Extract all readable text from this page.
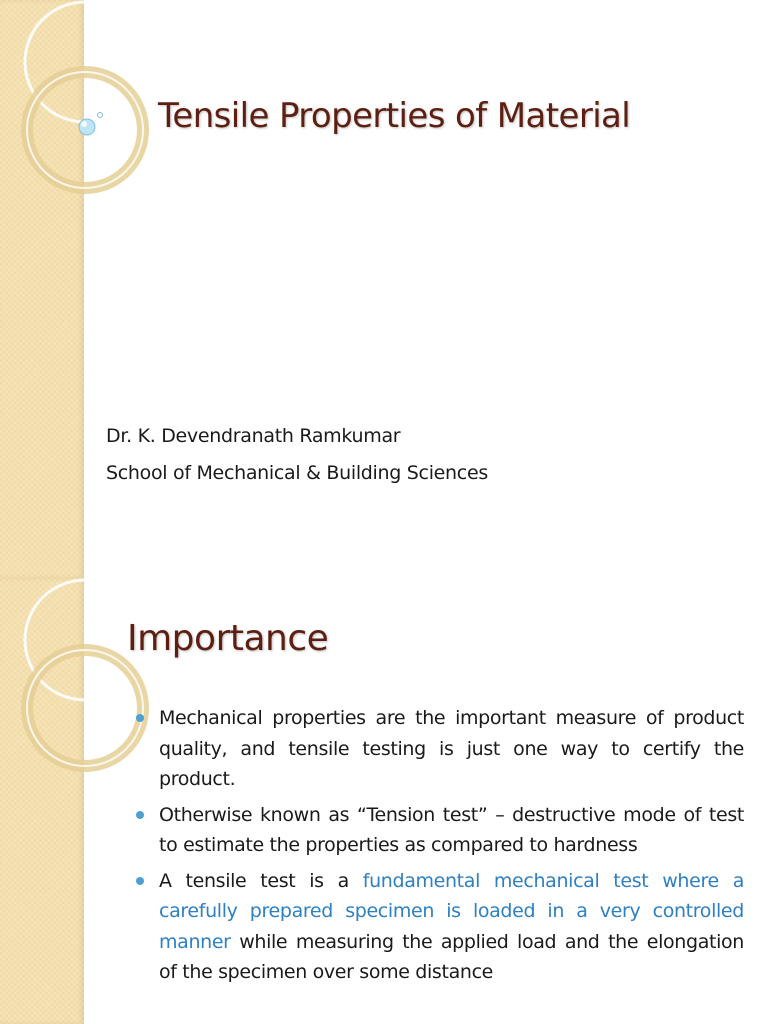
Tensile Properties of Material
Dr. K. Devendranath Ramkumar
School of Mechanical & Building Sciences
Importance
Mechanical properties are the important measure of product quality, and tensile testing is just one way to certify the product.
Otherwise known as “Tension test” – destructive mode of test to estimate the properties as compared to hardness
A tensile test is a fundamental mechanical test where a carefully prepared specimen is loaded in a very controlled manner while measuring the applied load and the elongation of the specimen over some distance
